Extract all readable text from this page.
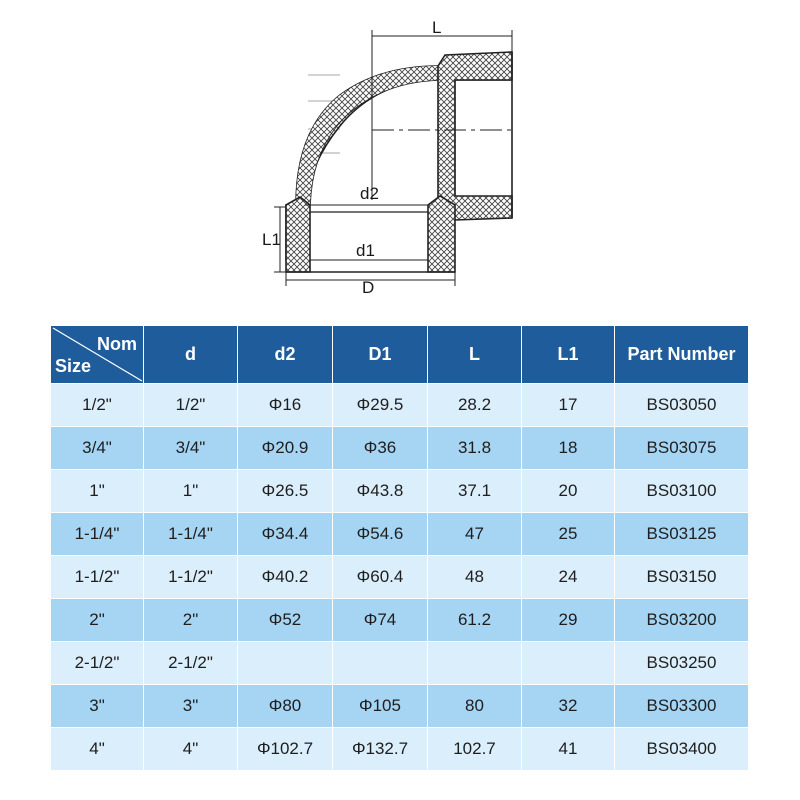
L
d2
L1
d1
D
Nom
Size	d	d2	D1	L	L1	Part Number
1/2"	1/2"	Φ16	Φ29.5	28.2	17	BS03050
3/4"	3/4"	Φ20.9	Φ36	31.8	18	BS03075
1"	1"	Φ26.5	Φ43.8	37.1	20	BS03100
1-1/4"	1-1/4"	Φ34.4	Φ54.6	47	25	BS03125
1-1/2"	1-1/2"	Φ40.2	Φ60.4	48	24	BS03150
2"	2"	Φ52	Φ74	61.2	29	BS03200
2-1/2"	2-1/2"					BS03250
3"	3"	Φ80	Φ105	80	32	BS03300
4"	4"	Φ102.7	Φ132.7	102.7	41	BS03400
